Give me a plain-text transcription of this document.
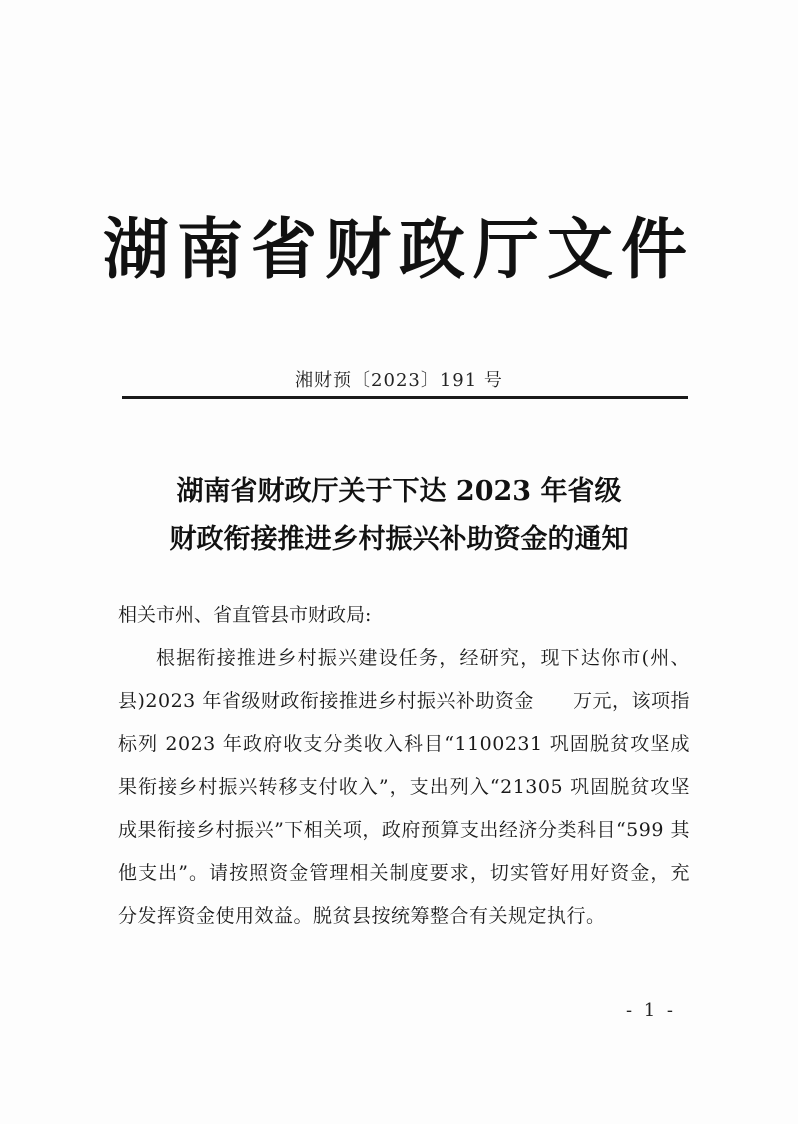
湖南省财政厅文件
湘财预〔2023〕191 号
湖南省财政厅关于下达 2023 年省级
财政衔接推进乡村振兴补助资金的通知
相关市州、省直管县市财政局:
根据衔接推进乡村振兴建设任务，经研究，现下达你市(州、县)2023 年省级财政衔接推进乡村振兴补助资金　　万元，该项指标列 2023 年政府收支分类收入科目“1100231 巩固脱贫攻坚成果衔接乡村振兴转移支付收入”，支出列入“21305 巩固脱贫攻坚成果衔接乡村振兴”下相关项，政府预算支出经济分类科目“599 其他支出”。请按照资金管理相关制度要求，切实管好用好资金，充分发挥资金使用效益。脱贫县按统筹整合有关规定执行。
- 1 -
